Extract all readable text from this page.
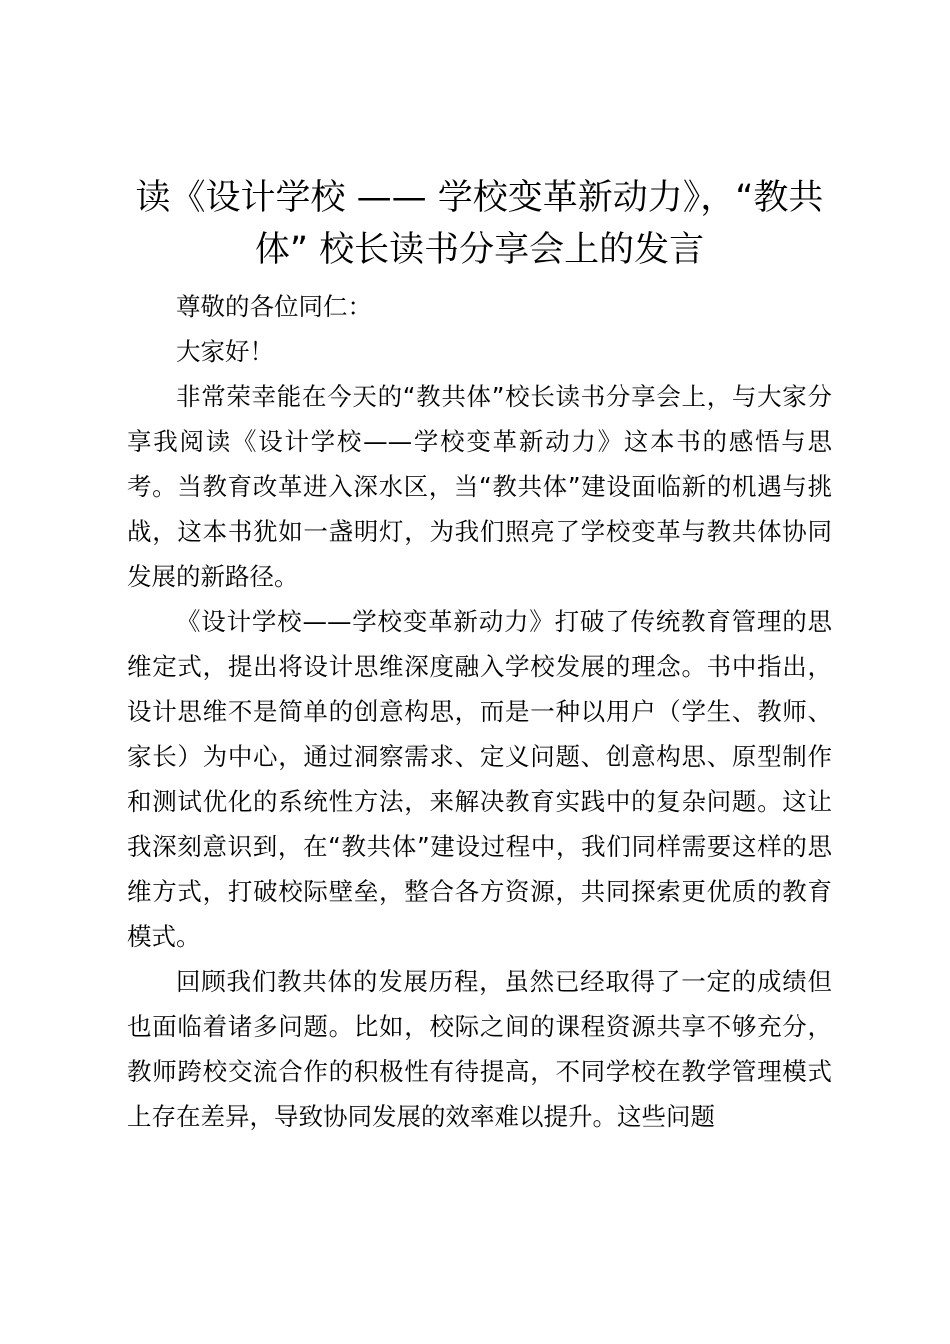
读《设计学校 —— 学校变革新动力》，“教共体” 校长读书分享会上的发言

尊敬的各位同仁：

大家好！

非常荣幸能在今天的“教共体”校长读书分享会上，与大家分享我阅读《设计学校——学校变革新动力》这本书的感悟与思考。当教育改革进入深水区，当“教共体”建设面临新的机遇与挑战，这本书犹如一盏明灯，为我们照亮了学校变革与教共体协同发展的新路径。

《设计学校——学校变革新动力》打破了传统教育管理的思维定式，提出将设计思维深度融入学校发展的理念。书中指出，设计思维不是简单的创意构思，而是一种以用户（学生、教师、家长）为中心，通过洞察需求、定义问题、创意构思、原型制作和测试优化的系统性方法，来解决教育实践中的复杂问题。这让我深刻意识到，在“教共体”建设过程中，我们同样需要这样的思维方式，打破校际壁垒，整合各方资源，共同探索更优质的教育模式。

回顾我们教共体的发展历程，虽然已经取得了一定的成绩但也面临着诸多问题。比如，校际之间的课程资源共享不够充分，教师跨校交流合作的积极性有待提高，不同学校在教学管理模式上存在差异，导致协同发展的效率难以提升。这些问题
